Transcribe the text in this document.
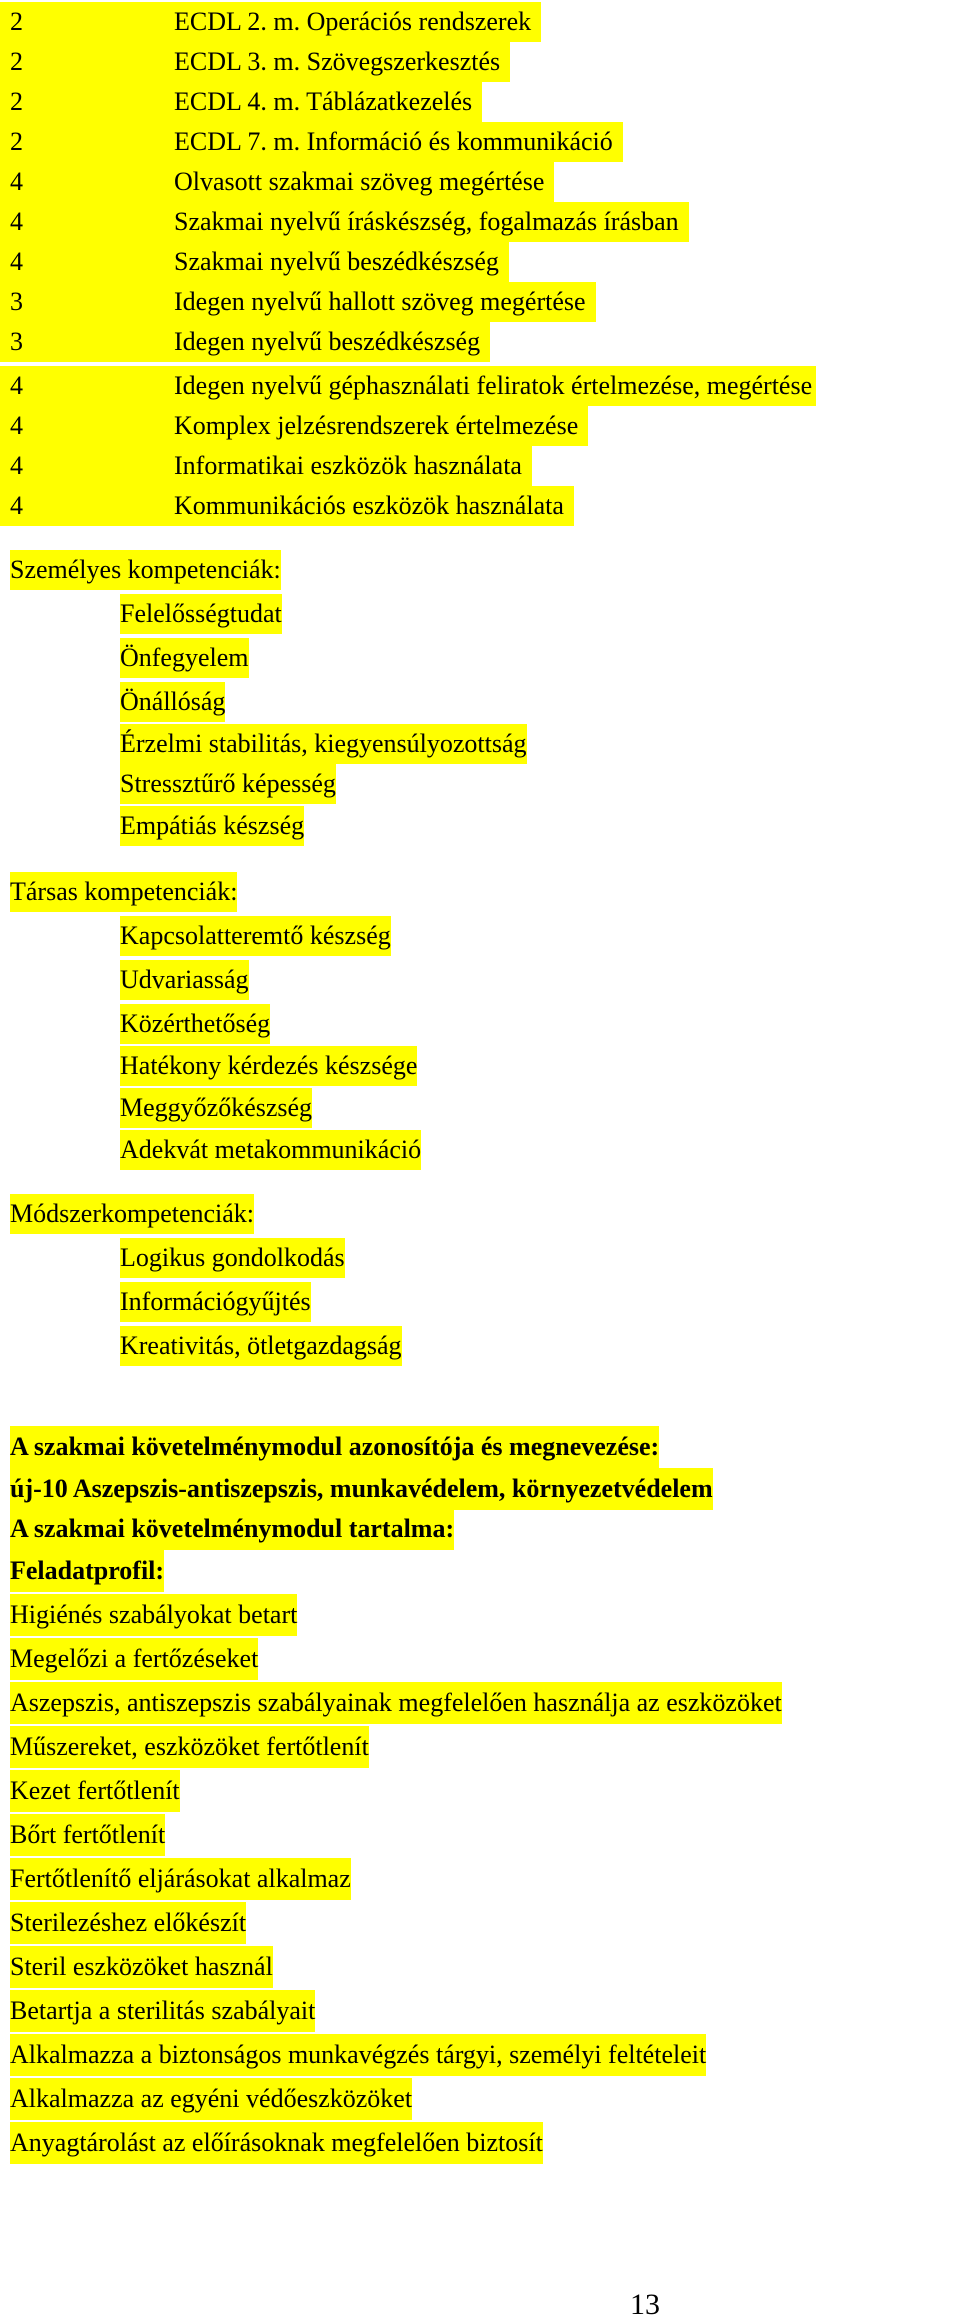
2	ECDL 2. m. Operációs rendszerek
2	ECDL 3. m. Szövegszerkesztés
2	ECDL 4. m. Táblázatkezelés
2	ECDL 7. m. Információ és kommunikáció
4	Olvasott szakmai szöveg megértése
4	Szakmai nyelvű íráskészség, fogalmazás írásban
4	Szakmai nyelvű beszédkészség
3	Idegen nyelvű hallott szöveg megértése
3	Idegen nyelvű beszédkészség
4	Idegen nyelvű géphasználati feliratok értelmezése, megértése
4	Komplex jelzésrendszerek értelmezése
4	Informatikai eszközök használata
4	Kommunikációs eszközök használata
Személyes kompetenciák:
Felelősségtudat
Önfegyelem
Önállóság
Érzelmi stabilitás, kiegyensúlyozottság
Stressztűrő képesség
Empátiás készség
Társas kompetenciák:
Kapcsolatteremtő készség
Udvariasság
Közérthetőség
Hatékony kérdezés készsége
Meggyőzőkészség
Adekvát metakommunikáció
Módszerkompetenciák:
Logikus gondolkodás
Információgyűjtés
Kreativitás, ötletgazdagság
A szakmai követelménymodul azonosítója és megnevezése:
új-10 Aszepszis-antiszepszis, munkavédelem, környezetvédelem
A szakmai követelménymodul tartalma:
Feladatprofil:
Higiénés szabályokat betart
Megelőzi a fertőzéseket
Aszepszis, antiszepszis szabályainak megfelelően használja az eszközöket
Műszereket, eszközöket fertőtlenít
Kezet fertőtlenít
Bőrt fertőtlenít
Fertőtlenítő eljárásokat alkalmaz
Sterilezéshez előkészít
Steril eszközöket használ
Betartja a sterilitás szabályait
Alkalmazza a biztonságos munkavégzés tárgyi, személyi feltételeit
Alkalmazza az egyéni védőeszközöket
Anyagtárolást az előírásoknak megfelelően biztosít
13
